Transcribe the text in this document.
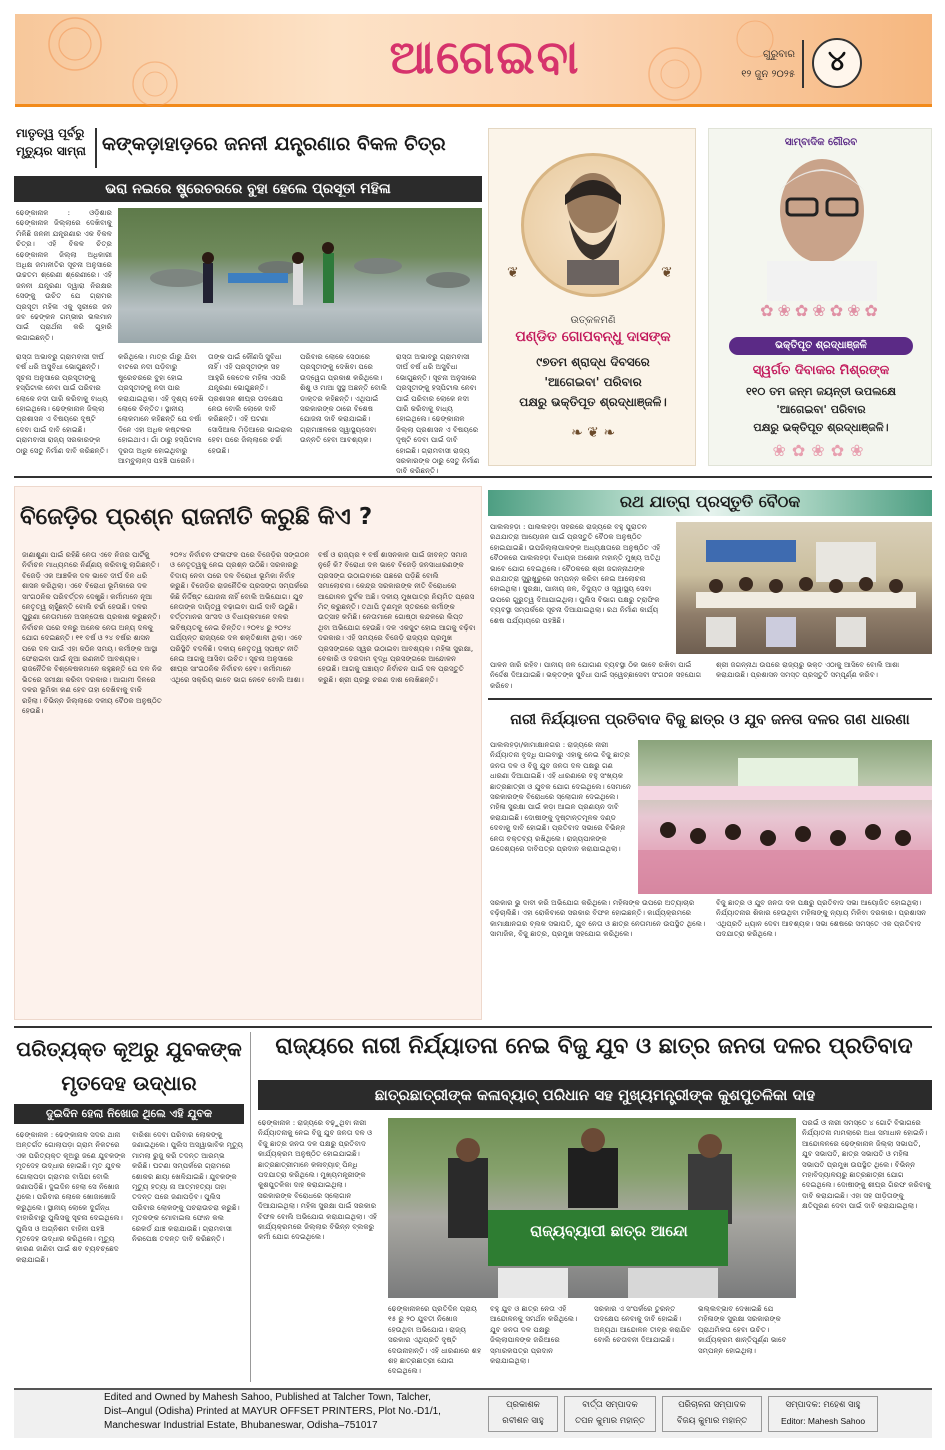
ଆଗେଇବା	ଗୁରୁବାର
୧୨ ଜୁନ ୨୦୨୫	୪
ମାତୃତ୍ୱ ପୂର୍ବରୁ ମୃତ୍ୟୁର ସାମ୍ନା କଙ୍କଡ଼ାହାଡ଼ରେ ଜନନୀ ଯନ୍ତ୍ରଣାର ବିକଳ ଚିତ୍ର
ଭରା ନଇରେ ଷ୍ଟ୍ରେଚରରେ ବୁହା ହେଲେ ପ୍ରସୂତୀ ମହିଳା
ଢେଙ୍କାନାଳ : ଓଡ଼ିଶାର ଢେଙ୍କାନାଳ ଜିଲ୍ଲାରେ ଦେଖିବାକୁ ମିଳିଛି ଜନନୀ ଯନ୍ତ୍ରଣାର ଏକ ବିକଳ ଚିତ୍ର। ଏହି ବିକଳ ଚିତ୍ର ଢେଙ୍କାନାଳ ଜିଲ୍ଲା ଅଧିକାରୀ ଅଧିକ୍ଷ ଜମାନୀତିର ସୂଚନା ଅନୁସାରେ ଉଚ୍ଚତମ ଶ୍ରେଣୀ ଶ୍ରେଣୀରେ। ଏହି ଜନନୀ ଯନ୍ତ୍ରଣା ଦ୍ୱାରା ନିରକ୍ଷର ସେଙ୍କୁ ଉଚିତ ଯେ ଗ୍ରାମର ପ୍ରସୂତୀ ମହିଳା ଏକୁ ସ୍ତ୍ରୀରେ ଜନ ଜବ ଢେଙ୍କନ ଗମ୍ଭୀର ଭଲମାନ ପାଇଁ ପ୍ରାର୍ଥନା କରି ଗୁହାରି ଲଗାଇଛନ୍ତି।
ରାସ୍ତା ଅଭାବରୁ ଗ୍ରାମବାସୀ ଦୀର୍ଘ ବର୍ଷ ଧରି ଅସୁବିଧା ଭୋଗୁଛନ୍ତି। ସୂଚନା ଅନୁସାରେ ପ୍ରସୂତୀଙ୍କୁ ହସ୍ପିଟାଲ ନେବା ପାଇଁ ପରିବାର ଲୋକେ ନଦୀ ପାରି କରିବାକୁ ବାଧ୍ୟ ହୋଇଥିଲେ। ଢେଙ୍କାନାଳ ଜିଲ୍ଲା ପ୍ରଶାସନ ଏ ବିଷୟରେ ଦୃଷ୍ଟି ଦେବା ପାଇଁ ଦାବି ହୋଇଛି। ଗ୍ରାମବାସୀ ରାଜ୍ୟ ସରକାରଙ୍କ ଠାରୁ ସେତୁ ନିର୍ମାଣ ଦାବି କରିଛନ୍ତି।
କରିଥିଲେ। ମାତ୍ର ଗାଁରୁ ଯିବା ବାଟରେ ନଦୀ ପଡ଼ିବାରୁ ଷ୍ଟ୍ରେଚରରେ ବୁହା ହୋଇ ପ୍ରସୂତୀଙ୍କୁ ନଦୀ ପାର କରାଯାଇଥିଲା। ଏହି ଦୃଶ୍ୟ ଦେଖି ଲୋକେ ଚିନ୍ତିତ। ସ୍ଥାନୀୟ ଲୋକମାନେ କହିଛନ୍ତି ଯେ ବର୍ଷା ଦିନେ ଏହା ଅଧିକ କଷ୍ଟକର ହୋଇଥାଏ। ଗାଁ ଠାରୁ ହସ୍ପିଟାଲ ଦୂରତା ଅଧିକ ହୋଇଥିବାରୁ ଆମ୍ବୁଲାନ୍ସ ପହଞ୍ଚି ପାରେନି।
ତାଙ୍କ ପାଇଁ କୌଣସି ସୁବିଧା ନାହିଁ। ଏହି ପ୍ରସୂତୀଙ୍କ ସହ ଆହୁରି କେତେକ ମହିଳା ଏପରି ଯନ୍ତ୍ରଣା ଭୋଗୁଛନ୍ତି। ପ୍ରଶାସନ ଶୀଘ୍ର ପଦକ୍ଷେପ ନେଉ ବୋଲି ଲୋକେ ଦାବି କରିଛନ୍ତି। ଏହି ଘଟଣା ସୋସିଆଲ ମିଡ଼ିଆରେ ଭାଇରାଲ ହେବା ପରେ ଜିଲ୍ଲାରେ ଚର୍ଚ୍ଚା ହେଉଛି।
ପରିବାର ଲୋକେ ସେଠାରେ ପ୍ରସୂତୀଙ୍କୁ ଦେଖିବା ପରେ ଉଦ୍ୱେଗ ପ୍ରକାଶ କରିଥିଲେ। ଶିଶୁ ଓ ମାଆ ସୁସ୍ଥ ଅଛନ୍ତି ବୋଲି ଡାକ୍ତର କହିଛନ୍ତି। ଏଥିପାଇଁ ସରକାରଙ୍କ ଠାରେ ବିଶେଷ ଯୋଜନା ଦାବି କରାଯାଇଛି। ଗ୍ରାମାଞ୍ଚଳରେ ସ୍ୱାସ୍ଥ୍ୟସେବା ଉନ୍ନତି ହେବା ଆବଶ୍ୟକ।
ରାସ୍ତା ଅଭାବରୁ ଗ୍ରାମବାସୀ ଦୀର୍ଘ ବର୍ଷ ଧରି ଅସୁବିଧା ଭୋଗୁଛନ୍ତି। ସୂଚନା ଅନୁସାରେ ପ୍ରସୂତୀଙ୍କୁ ହସ୍ପିଟାଲ ନେବା ପାଇଁ ପରିବାର ଲୋକେ ନଦୀ ପାରି କରିବାକୁ ବାଧ୍ୟ ହୋଇଥିଲେ। ଢେଙ୍କାନାଳ ଜିଲ୍ଲା ପ୍ରଶାସନ ଏ ବିଷୟରେ ଦୃଷ୍ଟି ଦେବା ପାଇଁ ଦାବି ହୋଇଛି। ଗ୍ରାମବାସୀ ରାଜ୍ୟ ସରକାରଙ୍କ ଠାରୁ ସେତୁ ନିର୍ମାଣ ଦାବି କରିଛନ୍ତି।
❦	❦
ଉତ୍କଳମଣି
ପଣ୍ଡିତ ଗୋପବନ୍ଧୁ ଦାସଙ୍କ
୯୭ତମ ଶ୍ରାଦ୍ଧ ଦିବସରେ
'ଆଗେଇବା' ପରିବାର
ପକ୍ଷରୁ ଭକ୍ତିପୂତ ଶ୍ରଦ୍ଧାଞ୍ଜଳି।
❧ ❦ ❧
ସାମ୍ବାଦିକ ଗୌରବ
✿❀✿❀✿❀✿
ଭକ୍ତିପୂତ ଶ୍ରଦ୍ଧାଞ୍ଜଳି
ସ୍ୱର୍ଗତ ଦିବାକର ମିଶ୍ରଙ୍କ
୧୧୦ ତମ ଜନ୍ମ ଜୟନ୍ତୀ ଉପଲକ୍ଷେ
'ଆଗେଇବା' ପରିବାର
ପକ୍ଷରୁ ଭକ୍ତିପୂତ ଶ୍ରଦ୍ଧାଞ୍ଜଳି।
❀✿❀✿❀
ବିଜେଡ଼ିର ପ୍ରଶ୍ନ ରାଜନୀତି କରୁଛି କିଏ ?
ଜାଣାଶୁଣା ପାଇଁ ରହିଛି ନେତା ଏବେ ନିଜର ପାର୍ଟିକୁ ନିର୍ବାଚନ ମାଧ୍ୟମରେ ନିର୍ଣ୍ଣୟ କରିବାକୁ ଲାଗିଛନ୍ତି। ବିଜେଡ଼ି ଏକ ଆଞ୍ଚଳିକ ଦଳ ଭାବେ ଦୀର୍ଘ ଦିନ ଧରି ଶାସନ କରିଥିଲା। ଏବେ ବିରୋଧୀ ଭୂମିକାରେ ଦଳ ସାଂଗଠନିକ ପରିବର୍ତ୍ତନ ଦେଖୁଛି। କର୍ମୀମାନେ ନୂଆ ନେତୃତ୍ୱ ଚାହୁଁଛନ୍ତି ବୋଲି ଚର୍ଚ୍ଚା ହେଉଛି। ଦଳର ପୁରୁଣା ନେତାମାନେ ଅସନ୍ତୋଷ ପ୍ରକାଶ କରୁଛନ୍ତି। ନିର୍ବାଚନ ପରେ ଦଳରୁ ଅନେକ ନେତା ଅନ୍ୟ ଦଳକୁ ଯୋଗ ଦେଇଛନ୍ତି। ୧୧ ବର୍ଷ ଓ ୨୪ ବର୍ଷର ଶାସନ ପରେ ଦଳ ପାଇଁ ଏହା କଠିନ ସମୟ। କର୍ମୀଙ୍କ ଆସ୍ଥା ଫେରାଇବା ପାଇଁ ନୂଆ ରଣନୀତି ଆବଶ୍ୟକ। ରାଜନୈତିକ ବିଶ୍ଳେଷକମାନେ କହୁଛନ୍ତି ଯେ ଦଳ ନିଜ ଭିତରେ ସମୀକ୍ଷା କରିବା ଦରକାର। ଆଗାମୀ ଦିନରେ ଦଳର ଭୂମିକା କଣ ହେବ ତାହା ଦେଖିବାକୁ ବାକି ରହିଲା। ବିଭିନ୍ନ ଜିଲ୍ଲାରେ ଦଳୀୟ ବୈଠକ ଅନୁଷ୍ଠିତ ହେଉଛି।
୨୦୨୪ ନିର୍ବାଚନ ଫଳାଫଳ ପରେ ବିଜେଡ଼ିର ସଙ୍ଗଠନ ଓ ନେତୃତ୍ୱକୁ ନେଇ ପ୍ରଶ୍ନ ଉଠିଛି। ସରକାରରୁ ବିଦାୟ ନେବା ପରେ ଦଳ ବିରୋଧୀ ଭୂମିକା ନିର୍ବାହ କରୁଛି। ବିଜେଡ଼ିର ରାଜନୈତିକ ପ୍ରସଙ୍ଗ ସମ୍ପର୍କରେ କିଛି ନିର୍ଦ୍ଦିଷ୍ଟ ଯୋଜନା ନାହିଁ ବୋଲି ଅଭିଯୋଗ। ଯୁବ ନେତାଙ୍କ ଦାୟିତ୍ୱ ବଢ଼ାଇବା ପାଇଁ ଦାବି ଉଠୁଛି। ବର୍ତ୍ତମାନର ସାଂସଦ ଓ ବିଧାୟକମାନେ ଦଳର ଭବିଷ୍ୟତକୁ ନେଇ ଚିନ୍ତିତ। ୨୦୧୪ ରୁ ୨୦୨୪ ପର୍ଯ୍ୟନ୍ତ ରାଜ୍ୟରେ ଦଳ ଶକ୍ତିଶାଳୀ ଥିଲା। ଏବେ ପରିସ୍ଥିତି ବଦଳିଛି। ଦଳୀୟ ନେତୃତ୍ୱ ସ୍ପଷ୍ଟ ନୀତି ନେଇ ଆଗକୁ ଆସିବା ଉଚିତ। ସୂଚନା ଅନୁସାରେ ଶୀଘ୍ର ସାଂଗଠନିକ ନିର୍ବାଚନ ହେବ। କର୍ମୀମାନେ ଏଥିରେ ସକ୍ରିୟ ଭାବେ ଭାଗ ନେବେ ବୋଲି ଆଶା।
ବର୍ଷ ଓ ରାଜ୍ୟର ୧ ବର୍ଷ ଶାସନକାଳ ପାଇଁ ଜୀବନ୍ତ ସମାଜ ନୁହେଁ କି? ବିରୋଧୀ ଦଳ ଭାବେ ବିଜେଡ଼ି ଜନସାଧାରଣଙ୍କ ପ୍ରସଙ୍ଗ ଉଠାଇବାରେ ପଛରେ ପଡ଼ିଛି ବୋଲି ସମାଲୋଚନା। କେନ୍ଦ୍ର ସରକାରଙ୍କ ନୀତି ବିରୋଧରେ ଆନ୍ଦୋଳନ ଦୁର୍ବଳ ଅଛି। ଦଳୀୟ ମୁଖପାତ୍ର ନିୟମିତ ପ୍ରେସ ମିଟ୍ କରୁଛନ୍ତି। ତଥାପି ତୃଣମୂଳ ସ୍ତରରେ କର୍ମୀଙ୍କ ଉତ୍ସାହ କମିଛି। ନେତାମାନେ ଗୋଷ୍ଠୀ କନ୍ଦଳରେ ଲିପ୍ତ ଥିବା ଅଭିଯୋଗ ହେଉଛି। ଦଳ ଏକଜୁଟ ହୋଇ ଆଗକୁ ବଢ଼ିବା ଦରକାର। ଏହି ସମୟରେ ବିଜେଡ଼ି ରାଜ୍ୟର ପ୍ରମୁଖ ପ୍ରସଙ୍ଗରେ ସ୍ୱର ଉଠାଇବା ଆବଶ୍ୟକ। ମହିଳା ସୁରକ୍ଷା, ବେକାରି ଓ ଦରଦାମ ବୃଦ୍ଧି ପ୍ରସଙ୍ଗରେ ଆନ୍ଦୋଳନ ହେଉଛି। ଆଗକୁ ପଞ୍ଚାୟତ ନିର୍ବାଚନ ପାଇଁ ଦଳ ପ୍ରସ୍ତୁତି କରୁଛି। ଶ୍ରୀ ପ୍ରଭୁ ଚରଣ ଦାଶ ଲେଖିଛନ୍ତି।
ରଥ ଯାତ୍ରା ପ୍ରସ୍ତୁତି ବୈଠକ
ପାଲଲହଡ଼ା : ପାଲଲହଡ଼ା ସହରରେ ରାଜ୍ୟରେ ବହୁ ପୁରାତନ ରଥଯାତ୍ରା ଆୟୋଜନ ପାଇଁ ପ୍ରସ୍ତୁତି ବୈଠକ ଅନୁଷ୍ଠିତ ହୋଇଯାଇଛି। ଉପଜିଲ୍ଲାପାଳଙ୍କ ଅଧ୍ୟକ୍ଷତାରେ ଅନୁଷ୍ଠିତ ଏହି ବୈଠକରେ ପାଲଲହଡ଼ା ବିଧାୟକ ଅଶୋକ ମହାନ୍ତି ମୁଖ୍ୟ ଅତିଥି ଭାବେ ଯୋଗ ଦେଇଥିଲେ। ବୈଠକରେ ଶ୍ରୀ ଜଗନ୍ନାଥଙ୍କ ରଥଯାତ୍ରା ସୁରୁଖୁରୁରେ ସମ୍ପନ୍ନ କରିବା ନେଇ ଆଲୋଚନା ହୋଇଥିଲା। ସୁରକ୍ଷା, ପାନୀୟ ଜଳ, ବିଦ୍ୟୁତ ଓ ସ୍ୱାସ୍ଥ୍ୟ ସେବା ଉପରେ ଗୁରୁତ୍ୱ ଦିଆଯାଇଥିଲା। ପୁଲିସ ବିଭାଗ ପକ୍ଷରୁ ଟ୍ରାଫିକ ବ୍ୟବସ୍ଥା ସମ୍ପର୍କରେ ସୂଚନା ଦିଆଯାଇଥିଲା। ରଥ ନିର୍ମାଣ କାର୍ଯ୍ୟ ଶେଷ ପର୍ଯ୍ୟାୟରେ ପହଞ୍ଚିଛି।
ପାଳନ ଜାରି ରହିବ। ପାନୀୟ ଜଳ ଯୋଗାଣ ବ୍ୟବସ୍ଥା ଠିକ ଭାବେ ରଖିବା ପାଇଁ ନିର୍ଦ୍ଦେଶ ଦିଆଯାଇଛି। ଭକ୍ତଙ୍କ ସୁବିଧା ପାଇଁ ସ୍ୱେଚ୍ଛାସେବୀ ସଂଗଠନ ସହଯୋଗ କରିବେ।
ଶ୍ରୀ ଜଗନ୍ନାଥ ଉପରେ ରାଜ୍ୟରୁ ଭକ୍ତ ଏଠାକୁ ଆସିବେ ବୋଲି ଆଶା କରାଯାଉଛି। ପ୍ରଶାସନ ସମସ୍ତ ପ୍ରସ୍ତୁତି ସମ୍ପୂର୍ଣ୍ଣ କରିବ।
ନାରୀ ନିର୍ଯ୍ୟାତନା ପ୍ରତିବାଦ ବିଜୁ ଛାତ୍ର ଓ ଯୁବ ଜନତା ଦଳର ଗଣ ଧାରଣା
ପାଲଲହଡ଼ା/କାମାକ୍ଷାନଗର : ରାଜ୍ୟରେ ନାରୀ ନିର୍ଯ୍ୟାତନା ବୃଦ୍ଧି ପାଇବାରୁ ଏହାକୁ ନେଇ ବିଜୁ ଛାତ୍ର ଜନତା ଦଳ ଓ ବିଜୁ ଯୁବ ଜନତା ଦଳ ପକ୍ଷରୁ ଗଣ ଧାରଣା ଦିଆଯାଇଛି। ଏହି ଧାରଣାରେ ବହୁ ସଂଖ୍ୟକ ଛାତ୍ରଛାତ୍ରୀ ଓ ଯୁବକ ଯୋଗ ଦେଇଥିଲେ। ସେମାନେ ସରକାରଙ୍କ ବିରୋଧରେ ସ୍ଲୋଗାନ ଦେଇଥିଲେ। ମହିଳା ସୁରକ୍ଷା ପାଇଁ କଡ଼ା ଆଇନ ପ୍ରଣୟନ ଦାବି କରାଯାଇଛି। ଦୋଷୀଙ୍କୁ ଦୃଷ୍ଟାନ୍ତମୂଳକ ଦଣ୍ଡ ଦେବାକୁ ଦାବି ହୋଇଛି। ପ୍ରତିବାଦ ସଭାରେ ବିଭିନ୍ନ ନେତା ବକ୍ତବ୍ୟ ରଖିଥିଲେ। ରାଜ୍ୟପାଳଙ୍କ ଉଦ୍ଦେଶ୍ୟରେ ଦାବିପତ୍ର ପ୍ରଦାନ କରାଯାଇଥିଲା।
ସରକାର ଭୁ ଦାବୀ କରି ଅଭିଯୋଗ କରିଥିଲେ। ମହିଳାଙ୍କ ଉପରେ ଅତ୍ୟାଚାର ବଢ଼ିଚାଲିଛି। ଏହା ରୋକିବାରେ ସରକାର ବିଫଳ ହୋଇଛନ୍ତି। କାର୍ଯ୍ୟକ୍ରମରେ କାମାକ୍ଷାନଗର ବ୍ଲକ ସଭାପତି, ଯୁବ ନେତା ଓ ଛାତ୍ର ନେତାମାନେ ଉପସ୍ଥିତ ଥିଲେ। ସାମାଜିକ, ବିଜୁ ଛାତ୍ର, ପ୍ରମୁଖ ସହଯୋଗ କରିଥିଲେ।
ବିଜୁ ଛାତ୍ର ଓ ଯୁବ ଜନତା ଦଳ ପକ୍ଷରୁ ପ୍ରତିବାଦ ସଭା ଆୟୋଜିତ ହୋଇଥିଲା। ନିର୍ଯ୍ୟାତନାର ଶିକାର ହେଉଥିବା ମହିଳାଙ୍କୁ ନ୍ୟାୟ ମିଳିବା ଦରକାର। ପ୍ରଶାସନ ଏଥିପ୍ରତି ଧ୍ୟାନ ଦେବା ଆବଶ୍ୟକ। ସଭା ଶେଷରେ ସମସ୍ତେ ଏକ ପ୍ରତିବାଦ ପଦଯାତ୍ରା କରିଥିଲେ।
ପରିତ୍ୟକ୍ତ କୂଅରୁ ଯୁବକଙ୍କ ମୃତଦେହ ଉଦ୍ଧାର
ଦୁଇଦିନ ହେଲା ନିଖୋଜ ଥିଲେ ଏହି ଯୁବକ
ଢେଙ୍କାନାଳ : ଢେଙ୍କାନାଳ ସଦର ଥାନା ଅନ୍ତର୍ଗତ ଗୋଲାପଡ଼ା ଗ୍ରାମ ନିକଟରେ ଏକ ପରିତ୍ୟକ୍ତ କୂଅରୁ ଜଣେ ଯୁବକଙ୍କ ମୃତଦେହ ଉଦ୍ଧାର ହୋଇଛି। ମୃତ ଯୁବକ ଗୋଲାପଡ଼ା ଗ୍ରାମର ବାସିନ୍ଦା ବୋଲି ଜଣାପଡ଼ିଛି। ଦୁଇଦିନ ହେଲା ସେ ନିଖୋଜ ଥିଲେ। ପରିବାର ଲୋକେ ଖୋଜାଖୋଜି କରୁଥିଲେ। ସ୍ଥାନୀୟ ଲୋକେ ଦୁର୍ଗନ୍ଧ ବାହାରିବାରୁ ପୁଲିସକୁ ସୂଚନା ଦେଇଥିଲେ। ପୁଲିସ ଓ ଅଗ୍ନିଶମ ବାହିନୀ ପହଞ୍ଚି ମୃତଦେହ ଉଦ୍ଧାର କରିଥିଲେ। ମୃତ୍ୟୁ କାରଣ ଜାଣିବା ପାଇଁ ଶବ ବ୍ୟବଚ୍ଛେଦ କରାଯାଇଛି।
ବାରିଶା ଦେବା ପରିବାର ଲୋକଙ୍କୁ ଜଣାଇଥିଲେ। ପୁଲିସ ଅସ୍ୱାଭାବିକ ମୃତ୍ୟୁ ମାମଲା ରୁଜୁ କରି ତଦନ୍ତ ଆରମ୍ଭ କରିଛି। ଘଟଣା ସମ୍ପର୍କରେ ଗ୍ରାମରେ ଶୋକର ଛାୟା ଖେଳିଯାଇଛି। ଯୁବକଙ୍କ ମୃତ୍ୟୁ ହତ୍ୟା ନା ଆତ୍ମହତ୍ୟା ତାହା ତଦନ୍ତ ପରେ ଜଣାପଡ଼ିବ। ପୁଲିସ ପରିବାର ଲୋକଙ୍କୁ ପଚରାଉଚରା କରୁଛି। ମୃତକଙ୍କ ମୋବାଇଲ ଫୋନ କଲ ରେକର୍ଡ ଯାଞ୍ଚ କରାଯାଉଛି। ଗ୍ରାମବାସୀ ନିରପେକ୍ଷ ତଦନ୍ତ ଦାବି କରିଛନ୍ତି।
ରାଜ୍ୟରେ ନାରୀ ନିର୍ଯ୍ୟାତନା ନେଇ ବିଜୁ ଯୁବ ଓ ଛାତ୍ର ଜନତା ଦଳର ପ୍ରତିବାଦ
ଛାତ୍ରଛାତ୍ରୀଙ୍କ କଳାବ୍ୟାଚ୍ ପରିଧାନ ସହ ମୁଖ୍ୟମନ୍ତ୍ରୀଙ୍କ କୁଶପୁତଳିକା ଦାହ
ଢେଙ୍କାନାଳ : ରାଜ୍ୟରେ ବଢ଼ୁଥିବା ନାରୀ ନିର୍ଯ୍ୟାତନାକୁ ନେଇ ବିଜୁ ଯୁବ ଜନତା ଦଳ ଓ ବିଜୁ ଛାତ୍ର ଜନତା ଦଳ ପକ୍ଷରୁ ପ୍ରତିବାଦ କାର୍ଯ୍ୟକ୍ରମ ଅନୁଷ୍ଠିତ ହୋଇଯାଇଛି। ଛାତ୍ରଛାତ୍ରୀମାନେ କଳାବ୍ୟାଚ୍ ପିନ୍ଧି ପଦଯାତ୍ରା କରିଥିଲେ। ମୁଖ୍ୟମନ୍ତ୍ରୀଙ୍କ କୁଶପୁତଳିକା ଦାହ କରାଯାଇଥିଲା। ସରକାରଙ୍କ ବିରୋଧରେ ସ୍ଲୋଗାନ ଦିଆଯାଇଥିଲା। ମହିଳା ସୁରକ୍ଷା ପାଇଁ ସରକାର ବିଫଳ ବୋଲି ଅଭିଯୋଗ କରାଯାଇଥିଲା। ଏହି କାର୍ଯ୍ୟକ୍ରମରେ ଜିଲ୍ଲାର ବିଭିନ୍ନ ବ୍ଲକରୁ କର୍ମୀ ଯୋଗ ଦେଇଥିଲେ।	ରାଜ୍ୟବ୍ୟାପୀ ଛାତ୍ର ଆନ୍ଦୋ
ପରଇଁ ଓ ନାରୀ ସମସ୍ତେ ୪ ଗୋଟି ବିଭାଗରେ ନିର୍ଯ୍ୟାତନା ମାମଲାରେ ଅଧା ସମାଧାନ ହୋଇନି। ଆନ୍ଦୋଳନରେ ଢେଙ୍କାନାଳ ଜିଲ୍ଲା ସଭାପତି, ଯୁବ ସଭାପତି, ଛାତ୍ର ସଭାପତି ଓ ମହିଳା ସଭାପତି ପ୍ରମୁଖ ଉପସ୍ଥିତ ଥିଲେ। ବିଭିନ୍ନ ମହାବିଦ୍ୟାଳୟରୁ ଛାତ୍ରଛାତ୍ରୀ ଯୋଗ ଦେଇଥିଲେ। ଦୋଷୀଙ୍କୁ ଶୀଘ୍ର ଗିରଫ କରିବାକୁ ଦାବି କରାଯାଇଛି। ଏହା ସହ ପୀଡ଼ିତାଙ୍କୁ କ୍ଷତିପୂରଣ ଦେବା ପାଇଁ ଦାବି କରାଯାଇଥିଲା।
ଢେଙ୍କାନାଳରେ ପ୍ରତିଦିନ ପ୍ରାୟ ୧୫ ରୁ ୨୦ ଯୁବତୀ ନିଖୋଜ ହେଉଥିବା ଅଭିଯୋଗ। ରାଜ୍ୟ ସରକାର ଏଥିପ୍ରତି ଦୃଷ୍ଟି ଦେଉନାହାନ୍ତି। ଏହି ଧାରଣାରେ ଶହ ଶହ ଛାତ୍ରଛାତ୍ରୀ ଯୋଗ ଦେଇଥିଲେ।
ବହୁ ଯୁବ ଓ ଛାତ୍ର ନେତା ଏହି ଆନ୍ଦୋଳନକୁ ସମର୍ଥନ କରିଥିଲେ। ଯୁବ ଜନତା ଦଳ ପକ୍ଷରୁ ଜିଲ୍ଲାପାଳଙ୍କ ଜରିଆରେ ସ୍ମାରକପତ୍ର ପ୍ରଦାନ କରାଯାଇଥିଲା।
ସରକାର ଏ ସଂପର୍କରେ ତୁରନ୍ତ ପଦକ୍ଷେପ ନେବାକୁ ଦାବି ହୋଇଛି। ଅନ୍ୟଥା ଆନ୍ଦୋଳନ ତୀବ୍ର କରାଯିବ ବୋଲି ଚେତାବନୀ ଦିଆଯାଇଛି।
ଭଲ୍ଲବ୍ଭାବ ଦେଖାଇଛି ଯେ ମହିଳାଙ୍କ ସୁରକ୍ଷା ସରକାରଙ୍କ ପ୍ରାଥମିକତା ହେବା ଉଚିତ। କାର୍ଯ୍ୟକ୍ରମ ଶାନ୍ତିପୂର୍ଣ୍ଣ ଭାବେ ସମ୍ପନ୍ନ ହୋଇଥିଲା।
Edited and Owned by Mahesh Sahoo, Published at Talcher Town, Talcher,
Dist–Angul (Odisha) Printed at MAYUR OFFSET PRINTERS, Plot No.-D1/1,
Mancheswar Industrial Estate, Bhubaneswar, Odisha–751017
ପ୍ରକାଶକ
ରବୀଶନ ସାହୁ
ବାର୍ତ୍ତା ସମ୍ପାଦକ
ତପନ କୁମାର ମହାନ୍ତ
ପରିଚାଳନା ସମ୍ପାଦକ
ବିଜୟ କୁମାର ମହାନ୍ତ
ସମ୍ପାଦକ: ମହେଶ ସାହୁ
Editor: Mahesh Sahoo
